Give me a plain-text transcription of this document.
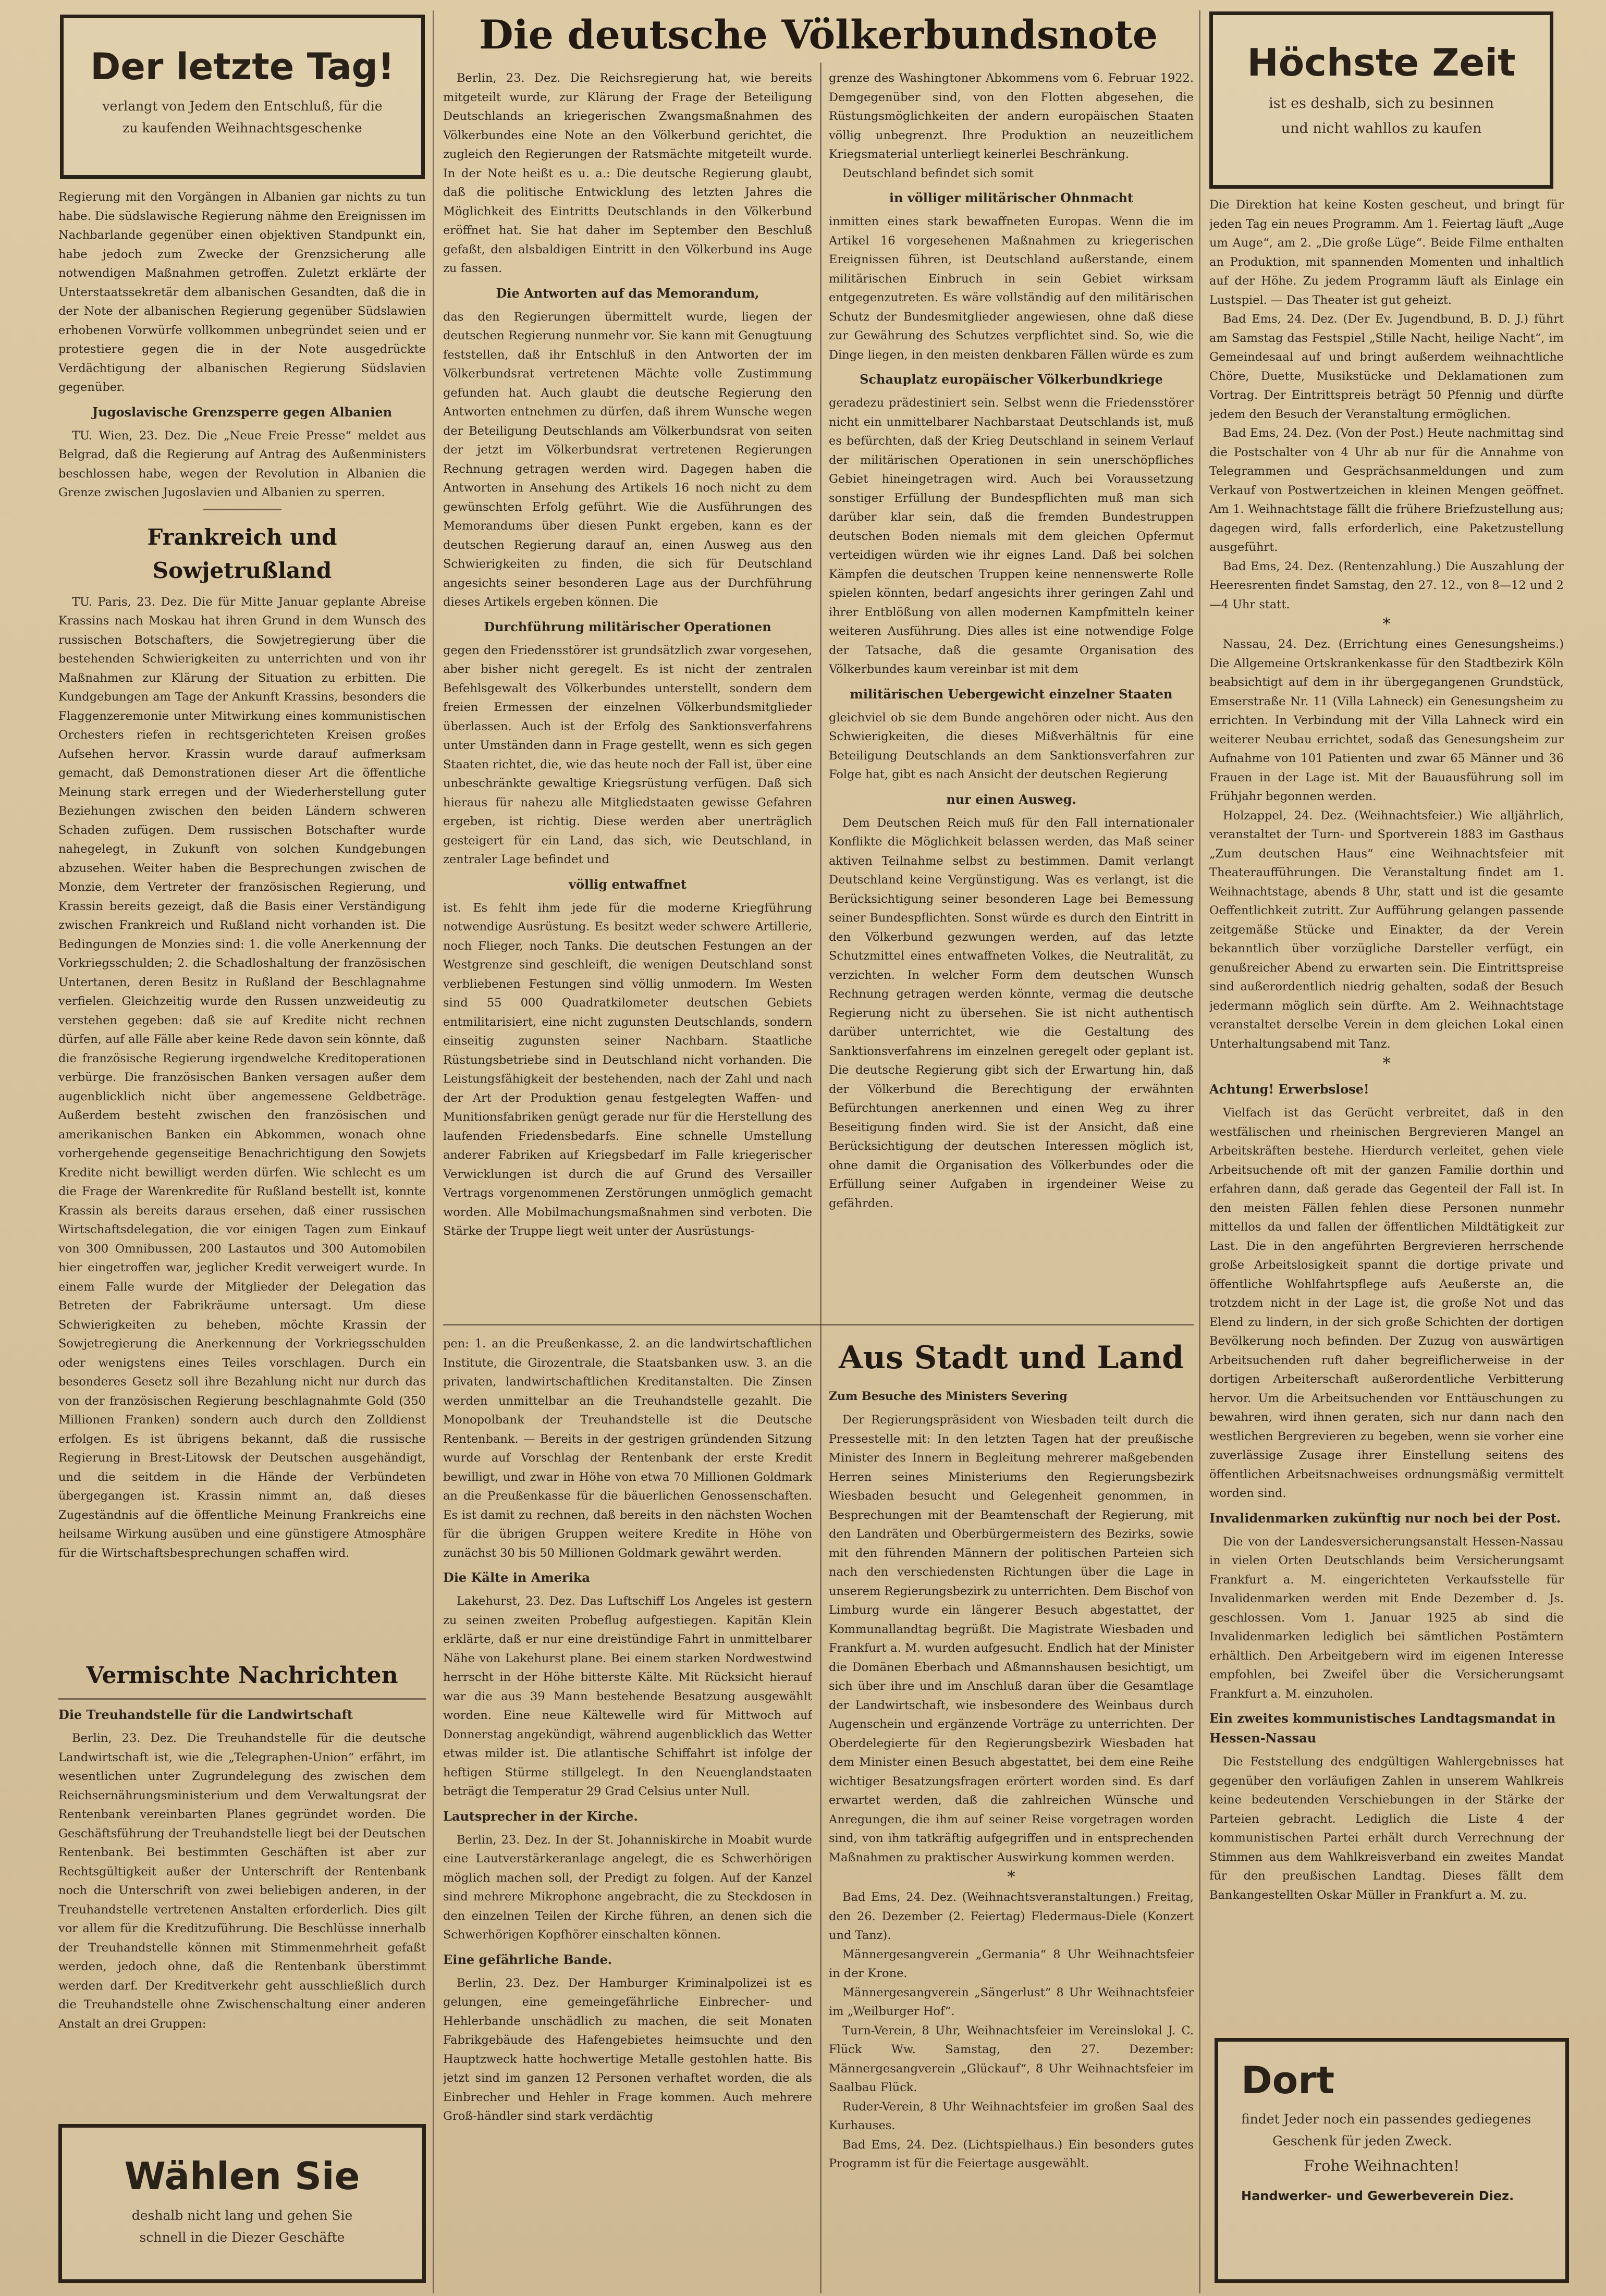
Der letzte Tag!
verlangt von Jedem den Entschluß, für die
zu kaufenden Weihnachtsgeschenke

Regierung mit den Vorgängen in Albanien gar nichts zu tun habe. Die südslawische Regierung nähme den Ereignissen im Nachbarlande gegenüber einen objektiven Standpunkt ein, habe jedoch zum Zwecke der Grenzsicherung alle notwendigen Maßnahmen getroffen. Zuletzt erklärte der Unterstaatssekretär dem albanischen Gesandten, daß die in der Note der albanischen Regierung gegenüber Südslawien erhobenen Vorwürfe vollkommen unbegründet seien und er protestiere gegen die in der Note ausgedrückte Verdächtigung der albanischen Regierung Südslavien gegenüber.

Jugoslavische Grenzsperre gegen Albanien

TU. Wien, 23. Dez. Die „Neue Freie Presse“ meldet aus Belgrad, daß die Regierung auf Antrag des Außenministers beschlossen habe, wegen der Revolution in Albanien die Grenze zwischen Jugoslavien und Albanien zu sperren.

Frankreich und Sowjetrußland

TU. Paris, 23. Dez. Die für Mitte Januar geplante Abreise Krassins nach Moskau hat ihren Grund in dem Wunsch des russischen Botschafters, die Sowjetregierung über die bestehenden Schwierigkeiten zu unterrichten und von ihr Maßnahmen zur Klärung der Situation zu erbitten. Die Kundgebungen am Tage der Ankunft Krassins, besonders die Flaggenzeremonie unter Mitwirkung eines kommunistischen Orchesters riefen in rechtsgerichteten Kreisen großes Aufsehen hervor. Krassin wurde darauf aufmerksam gemacht, daß Demonstrationen dieser Art die öffentliche Meinung stark erregen und der Wiederherstellung guter Beziehungen zwischen den beiden Ländern schweren Schaden zufügen. Dem russischen Botschafter wurde nahegelegt, in Zukunft von solchen Kundgebungen abzusehen. Weiter haben die Besprechungen zwischen de Monzie, dem Vertreter der französischen Regierung, und Krassin bereits gezeigt, daß die Basis einer Verständigung zwischen Frankreich und Rußland nicht vorhanden ist. Die Bedingungen de Monzies sind: 1. die volle Anerkennung der Vorkriegsschulden; 2. die Schadloshaltung der französischen Untertanen, deren Besitz in Rußland der Beschlagnahme verfielen. Gleichzeitig wurde den Russen unzweideutig zu verstehen gegeben: daß sie auf Kredite nicht rechnen dürfen, auf alle Fälle aber keine Rede davon sein könnte, daß die französische Regierung irgendwelche Kreditoperationen verbürge. Die französischen Banken versagen außer dem augenblicklich nicht über angemessene Geldbeträge. Außerdem besteht zwischen den französischen und amerikanischen Banken ein Abkommen, wonach ohne vorhergehende gegenseitige Benachrichtigung den Sowjets Kredite nicht bewilligt werden dürfen. Wie schlecht es um die Frage der Warenkredite für Rußland bestellt ist, konnte Krassin als bereits daraus ersehen, daß einer russischen Wirtschaftsdelegation, die vor einigen Tagen zum Einkauf von 300 Omnibussen, 200 Lastautos und 300 Automobilen hier eingetroffen war, jeglicher Kredit verweigert wurde. In einem Falle wurde der Mitglieder der Delegation das Betreten der Fabrikräume untersagt. Um diese Schwierigkeiten zu beheben, möchte Krassin der Sowjetregierung die Anerkennung der Vorkriegsschulden oder wenigstens eines Teiles vorschlagen. Durch ein besonderes Gesetz soll ihre Bezahlung nicht nur durch das von der französischen Regierung beschlagnahmte Gold (350 Millionen Franken) sondern auch durch den Zolldienst erfolgen. Es ist übrigens bekannt, daß die russische Regierung in Brest-Litowsk der Deutschen ausgehändigt, und die seitdem in die Hände der Verbündeten übergegangen ist. Krassin nimmt an, daß dieses Zugeständnis auf die öffentliche Meinung Frankreichs eine heilsame Wirkung ausüben und eine günstigere Atmosphäre für die Wirtschaftsbesprechungen schaffen wird.

Vermischte Nachrichten
Die Treuhandstelle für die Landwirtschaft

Berlin, 23. Dez. Die Treuhandstelle für die deutsche Landwirtschaft ist, wie die „Telegraphen-Union“ erfährt, im wesentlichen unter Zugrundelegung des zwischen dem Reichsernährungsministerium und dem Verwaltungsrat der Rentenbank vereinbarten Planes gegründet worden. Die Geschäftsführung der Treuhandstelle liegt bei der Deutschen Rentenbank. Bei bestimmten Geschäften ist aber zur Rechtsgültigkeit außer der Unterschrift der Rentenbank noch die Unterschrift von zwei beliebigen anderen, in der Treuhandstelle vertretenen Anstalten erforderlich. Dies gilt vor allem für die Kreditzuführung. Die Beschlüsse innerhalb der Treuhandstelle können mit Stimmenmehrheit gefaßt werden, jedoch ohne, daß die Rentenbank überstimmt werden darf. Der Kreditverkehr geht ausschließlich durch die Treuhandstelle ohne Zwischenschaltung einer anderen Anstalt an drei Gruppen:

Wählen Sie
deshalb nicht lang und gehen Sie
schnell in die Diezer Geschäfte
Die deutsche Völkerbundsnote

Berlin, 23. Dez. Die Reichsregierung hat, wie bereits mitgeteilt wurde, zur Klärung der Frage der Beteiligung Deutschlands an kriegerischen Zwangsmaßnahmen des Völkerbundes eine Note an den Völkerbund gerichtet, die zugleich den Regierungen der Ratsmächte mitgeteilt wurde. In der Note heißt es u. a.: Die deutsche Regierung glaubt, daß die politische Entwicklung des letzten Jahres die Möglichkeit des Eintritts Deutschlands in den Völkerbund eröffnet hat. Sie hat daher im September den Beschluß gefaßt, den alsbaldigen Eintritt in den Völkerbund ins Auge zu fassen.

Die Antworten auf das Memorandum,

das den Regierungen übermittelt wurde, liegen der deutschen Regierung nunmehr vor. Sie kann mit Genugtuung feststellen, daß ihr Entschluß in den Antworten der im Völkerbundsrat vertretenen Mächte volle Zustimmung gefunden hat. Auch glaubt die deutsche Regierung den Antworten entnehmen zu dürfen, daß ihrem Wunsche wegen der Beteiligung Deutschlands am Völkerbundsrat von seiten der jetzt im Völkerbundsrat vertretenen Regierungen Rechnung getragen werden wird. Dagegen haben die Antworten in Ansehung des Artikels 16 noch nicht zu dem gewünschten Erfolg geführt. Wie die Ausführungen des Memorandums über diesen Punkt ergeben, kann es der deutschen Regierung darauf an, einen Ausweg aus den Schwierigkeiten zu finden, die sich für Deutschland angesichts seiner besonderen Lage aus der Durchführung dieses Artikels ergeben können. Die

Durchführung militärischer Operationen

gegen den Friedensstörer ist grundsätzlich zwar vorgesehen, aber bisher nicht geregelt. Es ist nicht der zentralen Befehlsgewalt des Völkerbundes unterstellt, sondern dem freien Ermessen der einzelnen Völkerbundsmitglieder überlassen. Auch ist der Erfolg des Sanktionsverfahrens unter Umständen dann in Frage gestellt, wenn es sich gegen Staaten richtet, die, wie das heute noch der Fall ist, über eine unbeschränkte gewaltige Kriegsrüstung verfügen. Daß sich hieraus für nahezu alle Mitgliedstaaten gewisse Gefahren ergeben, ist richtig. Diese werden aber unerträglich gesteigert für ein Land, das sich, wie Deutschland, in zentraler Lage befindet und

völlig entwaffnet

ist. Es fehlt ihm jede für die moderne Kriegführung notwendige Ausrüstung. Es besitzt weder schwere Artillerie, noch Flieger, noch Tanks. Die deutschen Festungen an der Westgrenze sind geschleift, die wenigen Deutschland sonst verbliebenen Festungen sind völlig unmodern. Im Westen sind 55 000 Quadratkilometer deutschen Gebiets entmilitarisiert, eine nicht zugunsten Deutschlands, sondern einseitig zugunsten seiner Nachbarn. Staatliche Rüstungsbetriebe sind in Deutschland nicht vorhanden. Die Leistungsfähigkeit der bestehenden, nach der Zahl und nach der Art der Produktion genau festgelegten Waffen- und Munitionsfabriken genügt gerade nur für die Herstellung des laufenden Friedensbedarfs. Eine schnelle Umstellung anderer Fabriken auf Kriegsbedarf im Falle kriegerischer Verwicklungen ist durch die auf Grund des Versailler Vertrags vorgenommenen Zerstörungen unmöglich gemacht worden. Alle Mobilmachungsmaßnahmen sind verboten. Die Stärke der Truppe liegt weit unter der Ausrüstungs-

pen: 1. an die Preußenkasse, 2. an die landwirtschaftlichen Institute, die Girozentrale, die Staatsbanken usw. 3. an die privaten, landwirtschaftlichen Kreditanstalten. Die Zinsen werden unmittelbar an die Treuhandstelle gezahlt. Die Monopolbank der Treuhandstelle ist die Deutsche Rentenbank. — Bereits in der gestrigen gründenden Sitzung wurde auf Vorschlag der Rentenbank der erste Kredit bewilligt, und zwar in Höhe von etwa 70 Millionen Goldmark an die Preußenkasse für die bäuerlichen Genossenschaften. Es ist damit zu rechnen, daß bereits in den nächsten Wochen für die übrigen Gruppen weitere Kredite in Höhe von zunächst 30 bis 50 Millionen Goldmark gewährt werden.

Die Kälte in Amerika

Lakehurst, 23. Dez. Das Luftschiff Los Angeles ist gestern zu seinen zweiten Probeflug aufgestiegen. Kapitän Klein erklärte, daß er nur eine dreistündige Fahrt in unmittelbarer Nähe von Lakehurst plane. Bei einem starken Nordwestwind herrscht in der Höhe bitterste Kälte. Mit Rücksicht hierauf war die aus 39 Mann bestehende Besatzung ausgewählt worden. Eine neue Kältewelle wird für Mittwoch auf Donnerstag angekündigt, während augenblicklich das Wetter etwas milder ist. Die atlantische Schiffahrt ist infolge der heftigen Stürme stillgelegt. In den Neuenglandstaaten beträgt die Temperatur 29 Grad Celsius unter Null.

Lautsprecher in der Kirche.

Berlin, 23. Dez. In der St. Johanniskirche in Moabit wurde eine Lautverstärkeranlage angelegt, die es Schwerhörigen möglich machen soll, der Predigt zu folgen. Auf der Kanzel sind mehrere Mikrophone angebracht, die zu Steckdosen in den einzelnen Teilen der Kirche führen, an denen sich die Schwerhörigen Kopfhörer einschalten können.

Eine gefährliche Bande.

Berlin, 23. Dez. Der Hamburger Kriminalpolizei ist es gelungen, eine gemeingefährliche Einbrecher- und Hehlerbande unschädlich zu machen, die seit Monaten Fabrikgebäude des Hafengebietes heimsuchte und den Hauptzweck hatte hochwertige Metalle gestohlen hatte. Bis jetzt sind im ganzen 12 Personen verhaftet worden, die als Einbrecher und Hehler in Frage kommen. Auch mehrere Groß-händler sind stark verdächtig

grenze des Washingtoner Abkommens vom 6. Februar 1922. Demgegenüber sind, von den Flotten abgesehen, die Rüstungsmöglichkeiten der andern europäischen Staaten völlig unbegrenzt. Ihre Produktion an neuzeitlichem Kriegsmaterial unterliegt keinerlei Beschränkung.

Deutschland befindet sich somit

in völliger militärischer Ohnmacht

inmitten eines stark bewaffneten Europas. Wenn die im Artikel 16 vorgesehenen Maßnahmen zu kriegerischen Ereignissen führen, ist Deutschland außerstande, einem militärischen Einbruch in sein Gebiet wirksam entgegenzutreten. Es wäre vollständig auf den militärischen Schutz der Bundesmitglieder angewiesen, ohne daß diese zur Gewährung des Schutzes verpflichtet sind. So, wie die Dinge liegen, in den meisten denkbaren Fällen würde es zum

Schauplatz europäischer Völkerbundkriege

geradezu prädestiniert sein. Selbst wenn die Friedensstörer nicht ein unmittelbarer Nachbarstaat Deutschlands ist, muß es befürchten, daß der Krieg Deutschland in seinem Verlauf der militärischen Operationen in sein unerschöpfliches Gebiet hineingetragen wird. Auch bei Voraussetzung sonstiger Erfüllung der Bundespflichten muß man sich darüber klar sein, daß die fremden Bundestruppen deutschen Boden niemals mit dem gleichen Opfermut verteidigen würden wie ihr eignes Land. Daß bei solchen Kämpfen die deutschen Truppen keine nennenswerte Rolle spielen könnten, bedarf angesichts ihrer geringen Zahl und ihrer Entblößung von allen modernen Kampfmitteln keiner weiteren Ausführung. Dies alles ist eine notwendige Folge der Tatsache, daß die gesamte Organisation des Völkerbundes kaum vereinbar ist mit dem

militärischen Uebergewicht einzelner Staaten

gleichviel ob sie dem Bunde angehören oder nicht. Aus den Schwierigkeiten, die dieses Mißverhältnis für eine Beteiligung Deutschlands an dem Sanktionsverfahren zur Folge hat, gibt es nach Ansicht der deutschen Regierung

nur einen Ausweg.

Dem Deutschen Reich muß für den Fall internationaler Konflikte die Möglichkeit belassen werden, das Maß seiner aktiven Teilnahme selbst zu bestimmen. Damit verlangt Deutschland keine Vergünstigung. Was es verlangt, ist die Berücksichtigung seiner besonderen Lage bei Bemessung seiner Bundespflichten. Sonst würde es durch den Eintritt in den Völkerbund gezwungen werden, auf das letzte Schutzmittel eines entwaffneten Volkes, die Neutralität, zu verzichten. In welcher Form dem deutschen Wunsch Rechnung getragen werden könnte, vermag die deutsche Regierung nicht zu übersehen. Sie ist nicht authentisch darüber unterrichtet, wie die Gestaltung des Sanktionsverfahrens im einzelnen geregelt oder geplant ist. Die deutsche Regierung gibt sich der Erwartung hin, daß der Völkerbund die Berechtigung der erwähnten Befürchtungen anerkennen und einen Weg zu ihrer Beseitigung finden wird. Sie ist der Ansicht, daß eine Berücksichtigung der deutschen Interessen möglich ist, ohne damit die Organisation des Völkerbundes oder die Erfüllung seiner Aufgaben in irgendeiner Weise zu gefährden.

Aus Stadt und Land
Zum Besuche des Ministers Severing

Der Regierungspräsident von Wiesbaden teilt durch die Pressestelle mit: In den letzten Tagen hat der preußische Minister des Innern in Begleitung mehrerer maßgebenden Herren seines Ministeriums den Regierungsbezirk Wiesbaden besucht und Gelegenheit genommen, in Besprechungen mit der Beamtenschaft der Regierung, mit den Landräten und Oberbürgermeistern des Bezirks, sowie mit den führenden Männern der politischen Parteien sich nach den verschiedensten Richtungen über die Lage in unserem Regierungsbezirk zu unterrichten. Dem Bischof von Limburg wurde ein längerer Besuch abgestattet, der Kommunallandtag begrüßt. Die Magistrate Wiesbaden und Frankfurt a. M. wurden aufgesucht. Endlich hat der Minister die Domänen Eberbach und Aßmannshausen besichtigt, um sich über ihre und im Anschluß daran über die Gesamtlage der Landwirtschaft, wie insbesondere des Weinbaus durch Augenschein und ergänzende Vorträge zu unterrichten. Der Oberdelegierte für den Regierungsbezirk Wiesbaden hat dem Minister einen Besuch abgestattet, bei dem eine Reihe wichtiger Besatzungsfragen erörtert worden sind. Es darf erwartet werden, daß die zahlreichen Wünsche und Anregungen, die ihm auf seiner Reise vorgetragen worden sind, von ihm tatkräftig aufgegriffen und in entsprechenden Maßnahmen zu praktischer Auswirkung kommen werden.

*

Bad Ems, 24. Dez. (Weihnachtsveranstaltungen.) Freitag, den 26. Dezember (2. Feiertag) Fledermaus-Diele (Konzert und Tanz).

Männergesangverein „Germania“ 8 Uhr Weihnachtsfeier in der Krone.

Männergesangverein „Sängerlust“ 8 Uhr Weihnachtsfeier im „Weilburger Hof“.

Turn-Verein, 8 Uhr, Weihnachtsfeier im Vereinslokal J. C. Flück Ww. Samstag, den 27. Dezember: Männergesangverein „Glückauf“, 8 Uhr Weihnachtsfeier im Saalbau Flück.

Ruder-Verein, 8 Uhr Weihnachtsfeier im großen Saal des Kurhauses.

Bad Ems, 24. Dez. (Lichtspielhaus.) Ein besonders gutes Programm ist für die Feiertage ausgewählt.

Höchste Zeit
ist es deshalb, sich zu besinnen
und nicht wahllos zu kaufen

Die Direktion hat keine Kosten gescheut, und bringt für jeden Tag ein neues Programm. Am 1. Feiertag läuft „Auge um Auge“, am 2. „Die große Lüge“. Beide Filme enthalten an Produktion, mit spannenden Momenten und inhaltlich auf der Höhe. Zu jedem Programm läuft als Einlage ein Lustspiel. — Das Theater ist gut geheizt.

Bad Ems, 24. Dez. (Der Ev. Jugendbund, B. D. J.) führt am Samstag das Festspiel „Stille Nacht, heilige Nacht“, im Gemeindesaal auf und bringt außerdem weihnachtliche Chöre, Duette, Musikstücke und Deklamationen zum Vortrag. Der Eintrittspreis beträgt 50 Pfennig und dürfte jedem den Besuch der Veranstaltung ermöglichen.

Bad Ems, 24. Dez. (Von der Post.) Heute nachmittag sind die Postschalter von 4 Uhr ab nur für die Annahme von Telegrammen und Gesprächsanmeldungen und zum Verkauf von Postwertzeichen in kleinen Mengen geöffnet. Am 1. Weihnachtstage fällt die frühere Briefzustellung aus; dagegen wird, falls erforderlich, eine Paketzustellung ausgeführt.

Bad Ems, 24. Dez. (Rentenzahlung.) Die Auszahlung der Heeresrenten findet Samstag, den 27. 12., von 8—12 und 2—4 Uhr statt.

*

Nassau, 24. Dez. (Errichtung eines Genesungsheims.) Die Allgemeine Ortskrankenkasse für den Stadtbezirk Köln beabsichtigt auf dem in ihr übergegangenen Grundstück, Emserstraße Nr. 11 (Villa Lahneck) ein Genesungsheim zu errichten. In Verbindung mit der Villa Lahneck wird ein weiterer Neubau errichtet, sodaß das Genesungsheim zur Aufnahme von 101 Patienten und zwar 65 Männer und 36 Frauen in der Lage ist. Mit der Bauausführung soll im Frühjahr begonnen werden.

Holzappel, 24. Dez. (Weihnachtsfeier.) Wie alljährlich, veranstaltet der Turn- und Sportverein 1883 im Gasthaus „Zum deutschen Haus“ eine Weihnachtsfeier mit Theateraufführungen. Die Veranstaltung findet am 1. Weihnachtstage, abends 8 Uhr, statt und ist die gesamte Oeffentlichkeit zutritt. Zur Aufführung gelangen passende zeitgemäße Stücke und Einakter, da der Verein bekanntlich über vorzügliche Darsteller verfügt, ein genußreicher Abend zu erwarten sein. Die Eintrittspreise sind außerordentlich niedrig gehalten, sodaß der Besuch jedermann möglich sein dürfte. Am 2. Weihnachtstage veranstaltet derselbe Verein in dem gleichen Lokal einen Unterhaltungsabend mit Tanz.

*
Achtung! Erwerbslose!

Vielfach ist das Gerücht verbreitet, daß in den westfälischen und rheinischen Bergrevieren Mangel an Arbeitskräften bestehe. Hierdurch verleitet, gehen viele Arbeitsuchende oft mit der ganzen Familie dorthin und erfahren dann, daß gerade das Gegenteil der Fall ist. In den meisten Fällen fehlen diese Personen nunmehr mittellos da und fallen der öffentlichen Mildtätigkeit zur Last. Die in den angeführten Bergrevieren herrschende große Arbeitslosigkeit spannt die dortige private und öffentliche Wohlfahrtspflege aufs Aeußerste an, die trotzdem nicht in der Lage ist, die große Not und das Elend zu lindern, in der sich große Schichten der dortigen Bevölkerung noch befinden. Der Zuzug von auswärtigen Arbeitsuchenden ruft daher begreiflicherweise in der dortigen Arbeiterschaft außerordentliche Verbitterung hervor. Um die Arbeitsuchenden vor Enttäuschungen zu bewahren, wird ihnen geraten, sich nur dann nach den westlichen Bergrevieren zu begeben, wenn sie vorher eine zuverlässige Zusage ihrer Einstellung seitens des öffentlichen Arbeitsnachweises ordnungsmäßig vermittelt worden sind.

Invalidenmarken zukünftig nur noch bei der Post.

Die von der Landesversicherungsanstalt Hessen-Nassau in vielen Orten Deutschlands beim Versicherungsamt Frankfurt a. M. eingerichteten Verkaufsstelle für Invalidenmarken werden mit Ende Dezember d. Js. geschlossen. Vom 1. Januar 1925 ab sind die Invalidenmarken lediglich bei sämtlichen Postämtern erhältlich. Den Arbeitgebern wird im eigenen Interesse empfohlen, bei Zweifel über die Versicherungsamt Frankfurt a. M. einzuholen.

Ein zweites kommunistisches Landtagsmandat in Hessen-Nassau

Die Feststellung des endgültigen Wahlergebnisses hat gegenüber den vorläufigen Zahlen in unserem Wahlkreis keine bedeutenden Verschiebungen in der Stärke der Parteien gebracht. Lediglich die Liste 4 der kommunistischen Partei erhält durch Verrechnung der Stimmen aus dem Wahlkreisverband ein zweites Mandat für den preußischen Landtag. Dieses fällt dem Bankangestellten Oskar Müller in Frankfurt a. M. zu.

Dort
findet Jeder noch ein passendes gediegenes
Geschenk für jeden Zweck.
Frohe Weihnachten!
Handwerker- und Gewerbeverein Diez.
